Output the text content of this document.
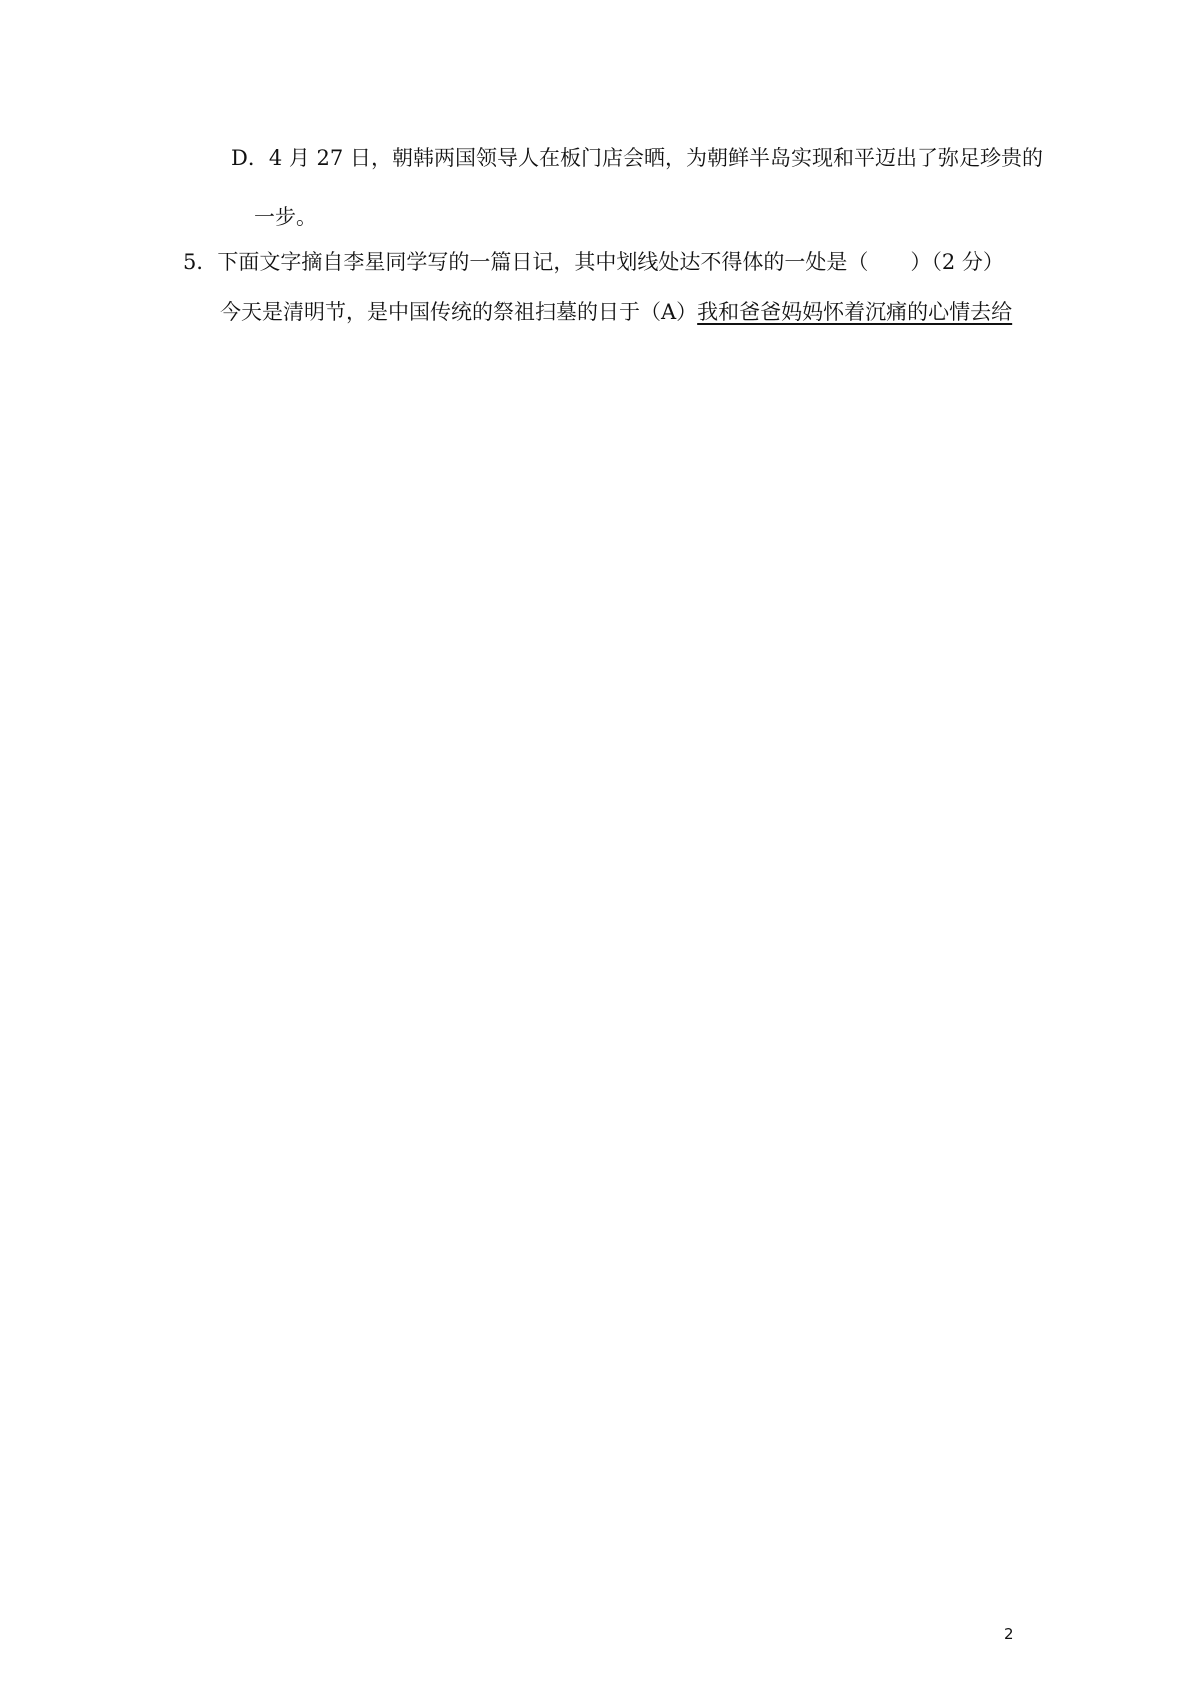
D．4 月 27 日，朝韩两国领导人在板门店会晒，为朝鲜半岛实现和平迈出了弥足珍贵的
一步。
5．下面文字摘自李星同学写的一篇日记，其中划线处达不得体的一处是（　　）（2 分）
今天是清明节，是中国传统的祭祖扫墓的日于（A）我和爸爸妈妈怀着沉痛的心情去给
2
